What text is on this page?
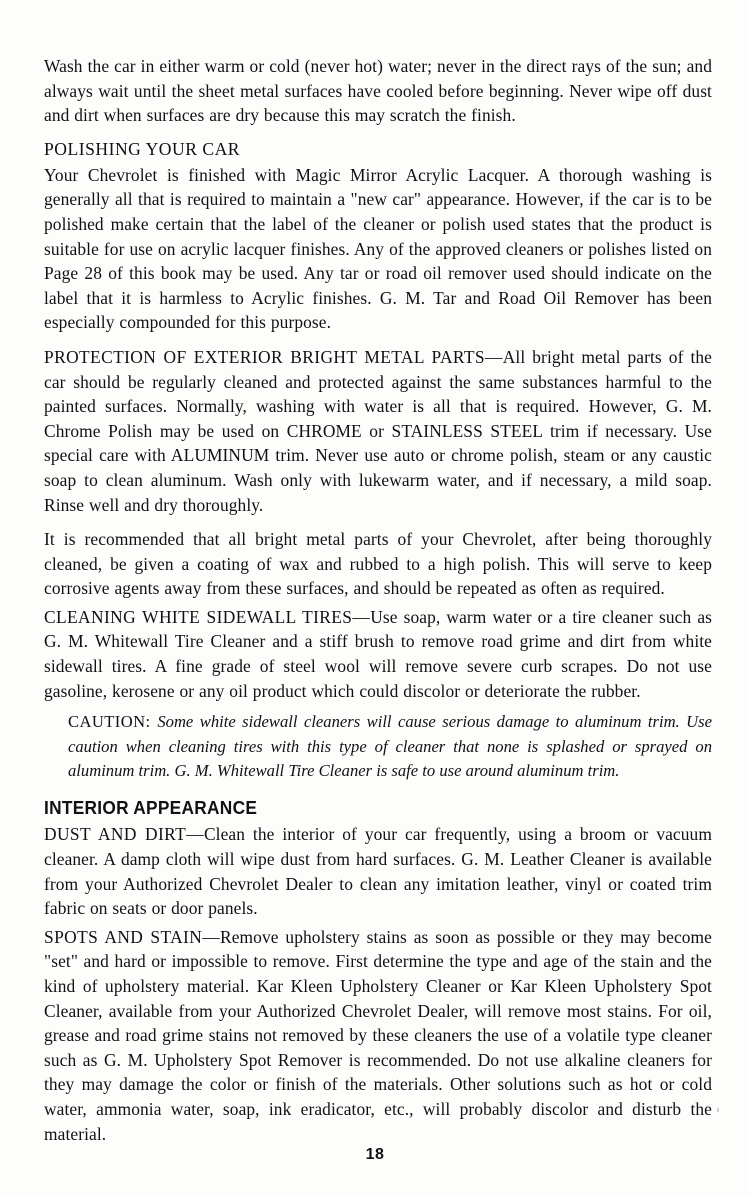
Wash the car in either warm or cold (never hot) water; never in the direct rays of the sun; and always wait until the sheet metal surfaces have cooled before beginning. Never wipe off dust and dirt when surfaces are dry because this may scratch the finish.

POLISHING YOUR CAR

Your Chevrolet is finished with Magic Mirror Acrylic Lacquer. A thorough washing is generally all that is required to maintain a "new car" appearance. However, if the car is to be polished make certain that the label of the cleaner or polish used states that the product is suitable for use on acrylic lacquer finishes. Any of the approved cleaners or polishes listed on Page 28 of this book may be used. Any tar or road oil remover used should indicate on the label that it is harmless to Acrylic finishes. G. M. Tar and Road Oil Remover has been especially compounded for this purpose.

PROTECTION OF EXTERIOR BRIGHT METAL PARTS—All bright metal parts of the car should be regularly cleaned and protected against the same substances harmful to the painted surfaces. Normally, washing with water is all that is required. However, G. M. Chrome Polish may be used on CHROME or STAINLESS STEEL trim if necessary. Use special care with ALUMINUM trim. Never use auto or chrome polish, steam or any caustic soap to clean aluminum. Wash only with lukewarm water, and if necessary, a mild soap. Rinse well and dry thoroughly.

It is recommended that all bright metal parts of your Chevrolet, after being thoroughly cleaned, be given a coating of wax and rubbed to a high polish. This will serve to keep corrosive agents away from these surfaces, and should be repeated as often as required.

CLEANING WHITE SIDEWALL TIRES—Use soap, warm water or a tire cleaner such as G. M. Whitewall Tire Cleaner and a stiff brush to remove road grime and dirt from white sidewall tires. A fine grade of steel wool will remove severe curb scrapes. Do not use gasoline, kerosene or any oil product which could discolor or deteriorate the rubber.

CAUTION: Some white sidewall cleaners will cause serious damage to aluminum trim. Use caution when cleaning tires with this type of cleaner that none is splashed or sprayed on aluminum trim. G. M. Whitewall Tire Cleaner is safe to use around aluminum trim.

INTERIOR APPEARANCE

DUST AND DIRT—Clean the interior of your car frequently, using a broom or vacuum cleaner. A damp cloth will wipe dust from hard surfaces. G. M. Leather Cleaner is available from your Authorized Chevrolet Dealer to clean any imitation leather, vinyl or coated trim fabric on seats or door panels.

SPOTS AND STAIN—Remove upholstery stains as soon as possible or they may become "set" and hard or impossible to remove. First determine the type and age of the stain and the kind of upholstery material. Kar Kleen Upholstery Cleaner or Kar Kleen Upholstery Spot Cleaner, available from your Authorized Chevrolet Dealer, will remove most stains. For oil, grease and road grime stains not removed by these cleaners the use of a volatile type cleaner such as G. M. Upholstery Spot Remover is recommended. Do not use alkaline cleaners for they may damage the color or finish of the materials. Other solutions such as hot or cold water, ammonia water, soap, ink eradicator, etc., will probably discolor and disturb the material.

18
